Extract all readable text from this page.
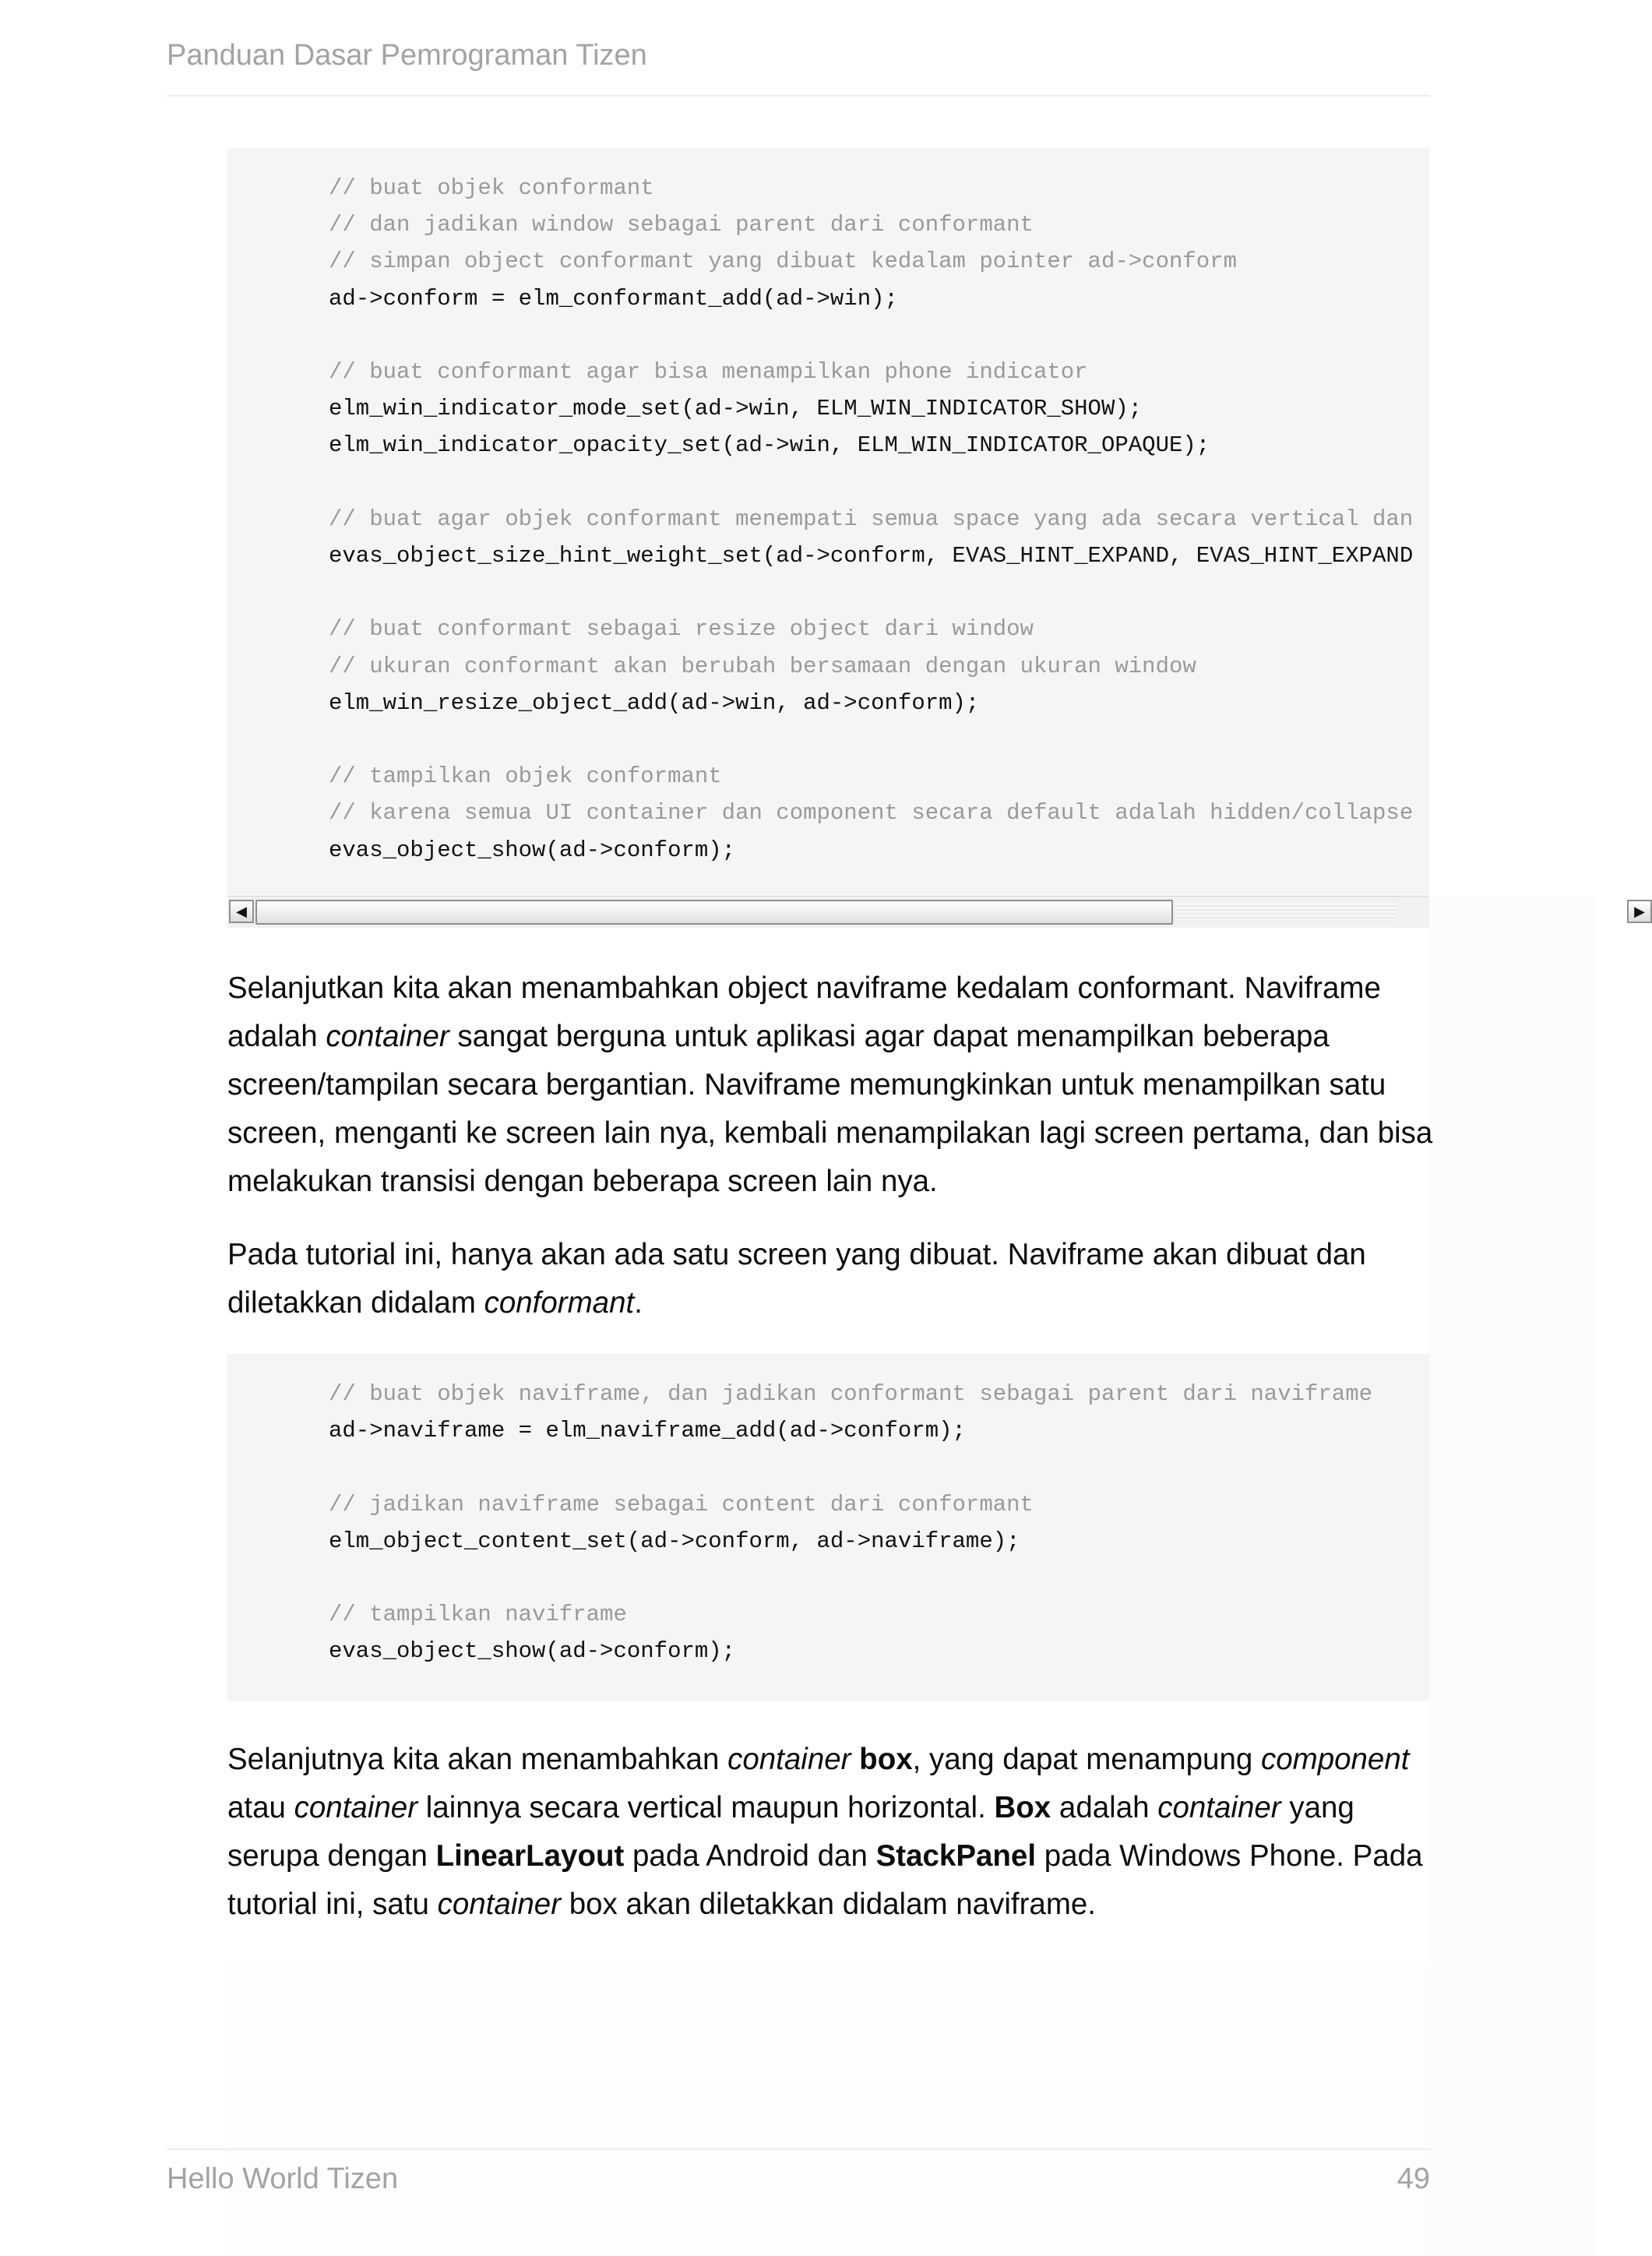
Panduan Dasar Pemrograman Tizen
// buat objek conformant
// dan jadikan window sebagai parent dari conformant
// simpan object conformant yang dibuat kedalam pointer ad->conform
ad->conform = elm_conformant_add(ad->win);
// buat conformant agar bisa menampilkan phone indicator
elm_win_indicator_mode_set(ad->win, ELM_WIN_INDICATOR_SHOW);
elm_win_indicator_opacity_set(ad->win, ELM_WIN_INDICATOR_OPAQUE);
// buat agar objek conformant menempati semua space yang ada secara vertical dan
evas_object_size_hint_weight_set(ad->conform, EVAS_HINT_EXPAND, EVAS_HINT_EXPAND
// buat conformant sebagai resize object dari window
// ukuran conformant akan berubah bersamaan dengan ukuran window
elm_win_resize_object_add(ad->win, ad->conform);
// tampilkan objek conformant
// karena semua UI container dan component secara default adalah hidden/collapse
evas_object_show(ad->conform);
◀	▶

Selanjutkan kita akan menambahkan object naviframe kedalam conformant. Naviframe adalah container sangat berguna untuk aplikasi agar dapat menampilkan beberapa screen/tampilan secara bergantian. Naviframe memungkinkan untuk menampilkan satu screen, menganti ke screen lain nya, kembali menampilakan lagi screen pertama, dan bisa melakukan transisi dengan beberapa screen lain nya.

Pada tutorial ini, hanya akan ada satu screen yang dibuat. Naviframe akan dibuat dan diletakkan didalam conformant.

// buat objek naviframe, dan jadikan conformant sebagai parent dari naviframe
ad->naviframe = elm_naviframe_add(ad->conform);
// jadikan naviframe sebagai content dari conformant
elm_object_content_set(ad->conform, ad->naviframe);
// tampilkan naviframe
evas_object_show(ad->conform);

Selanjutnya kita akan menambahkan container box, yang dapat menampung component atau container lainnya secara vertical maupun horizontal. Box adalah container yang serupa dengan LinearLayout pada Android dan StackPanel pada Windows Phone. Pada tutorial ini, satu container box akan diletakkan didalam naviframe.

Hello World Tizen	49
